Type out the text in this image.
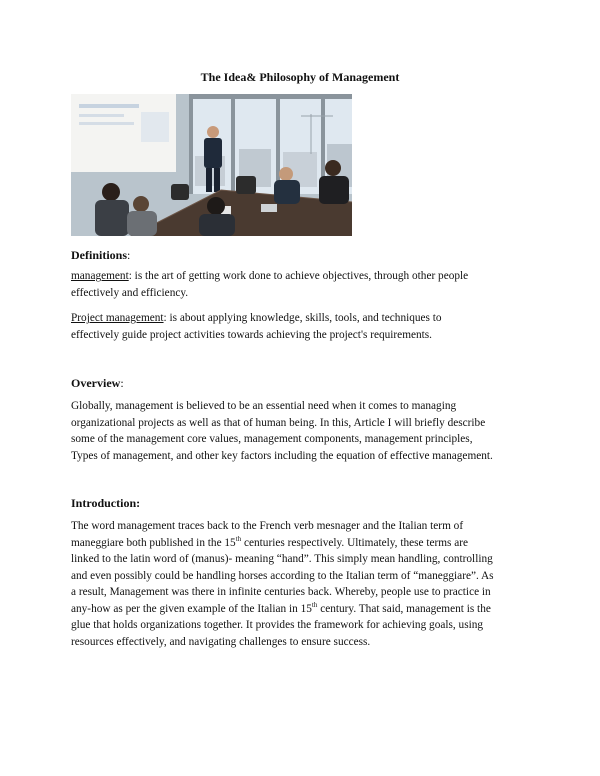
The Idea& Philosophy of Management
Definitions:
management: is the art of getting work done to achieve objectives, through other people
effectively and efficiency.
Project management: is about applying knowledge, skills, tools, and techniques to
effectively guide project activities towards achieving the project's requirements.
Overview:
Globally, management is believed to be an essential need when it comes to managing
organizational projects as well as that of human being. In this, Article I will briefly describe
some of the management core values, management components, management principles,
Types of management, and other key factors including the equation of effective management.
Introduction:
The word management traces back to the French verb mesnager and the Italian term of
maneggiare both published in the 15th centuries respectively. Ultimately, these terms are
linked to the latin word of (manus)- meaning “hand”. This simply mean handling, controlling
and even possibly could be handling horses according to the Italian term of “maneggiare”. As
a result, Management was there in infinite centuries back. Whereby, people use to practice in
any-how as per the given example of the Italian in 15th century. That said, management is the
glue that holds organizations together. It provides the framework for achieving goals, using
resources effectively, and navigating challenges to ensure success.
